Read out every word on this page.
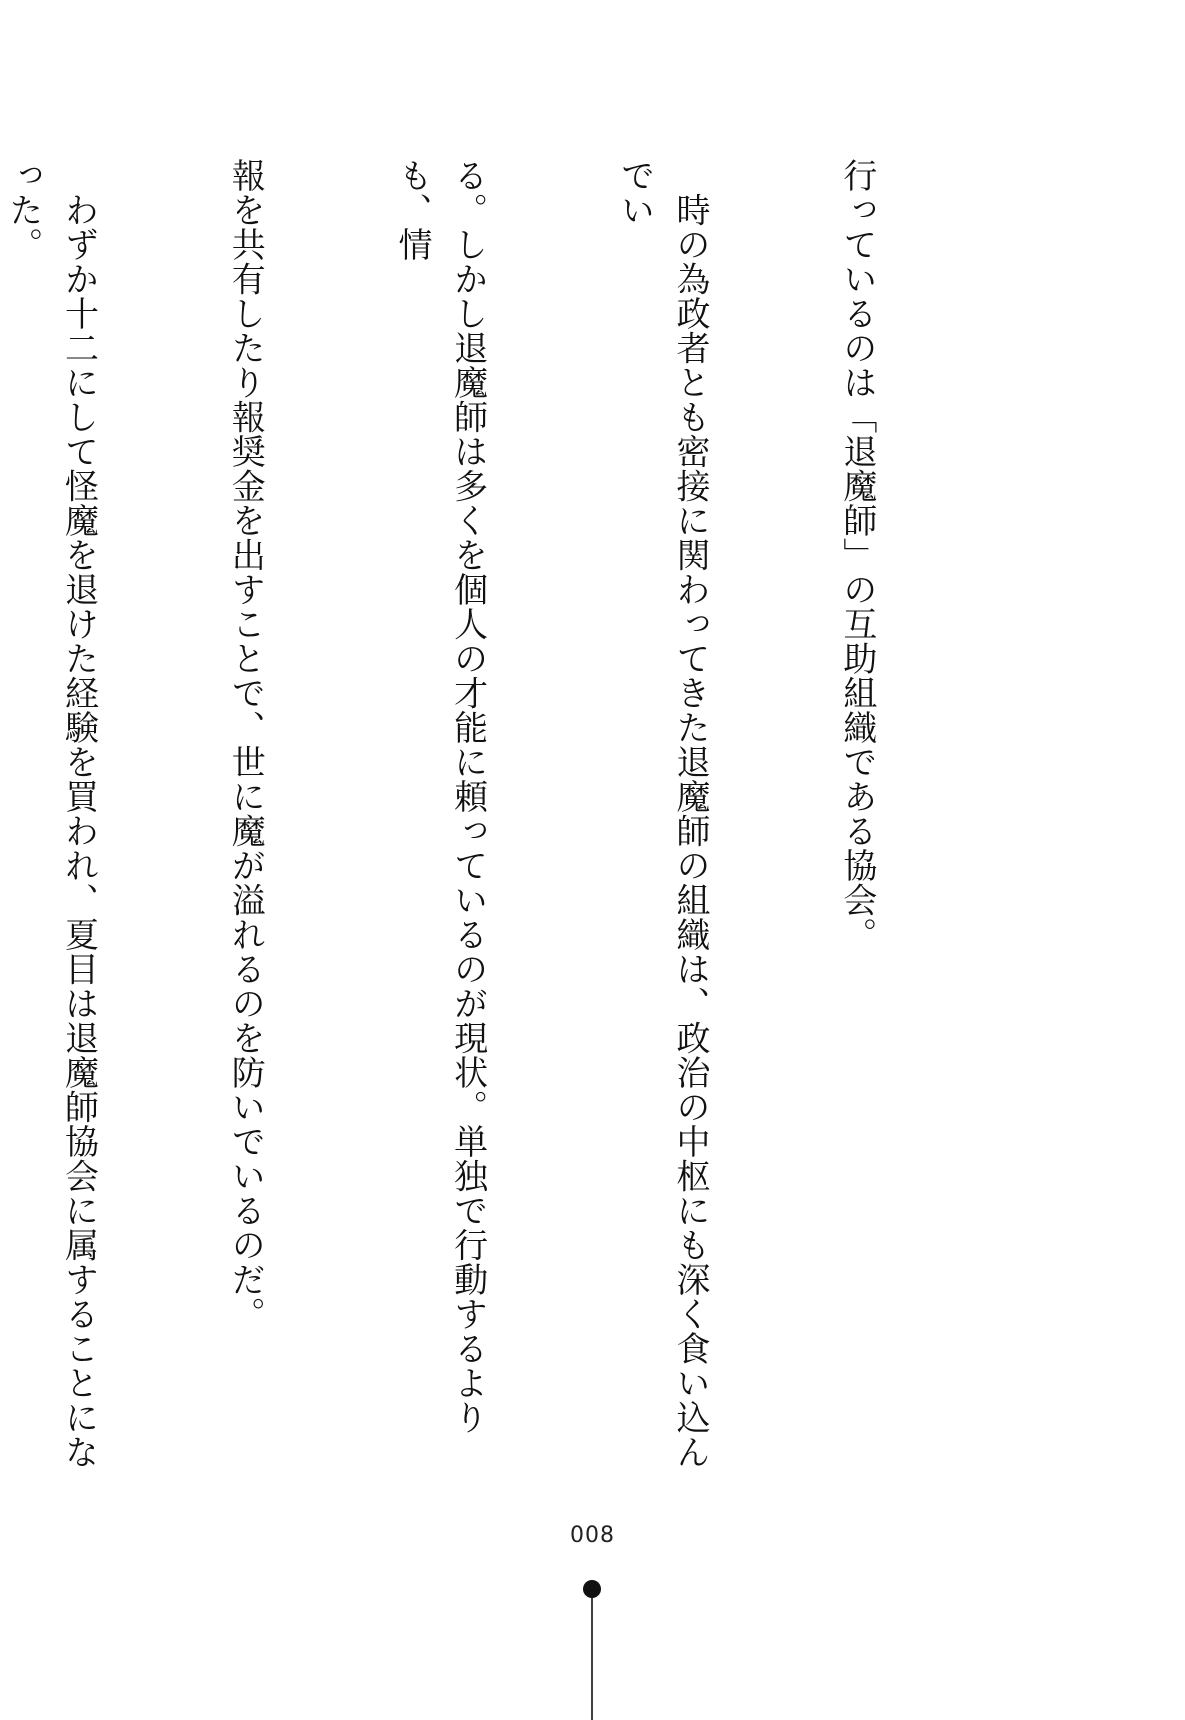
行っているのは「退魔師」の互助組織である協会。

　時の為政者とも密接に関わってきた退魔師の組織は、政治の中枢にも深く食い込んでい

る。しかし退魔師は多くを個人の才能に頼っているのが現状。単独で行動するよりも、情

報を共有したり報奨金を出すことで、世に魔が溢れるのを防いでいるのだ。

　わずか十二にして怪魔を退けた経験を買われ、夏目は退魔師協会に属することになった。

008
